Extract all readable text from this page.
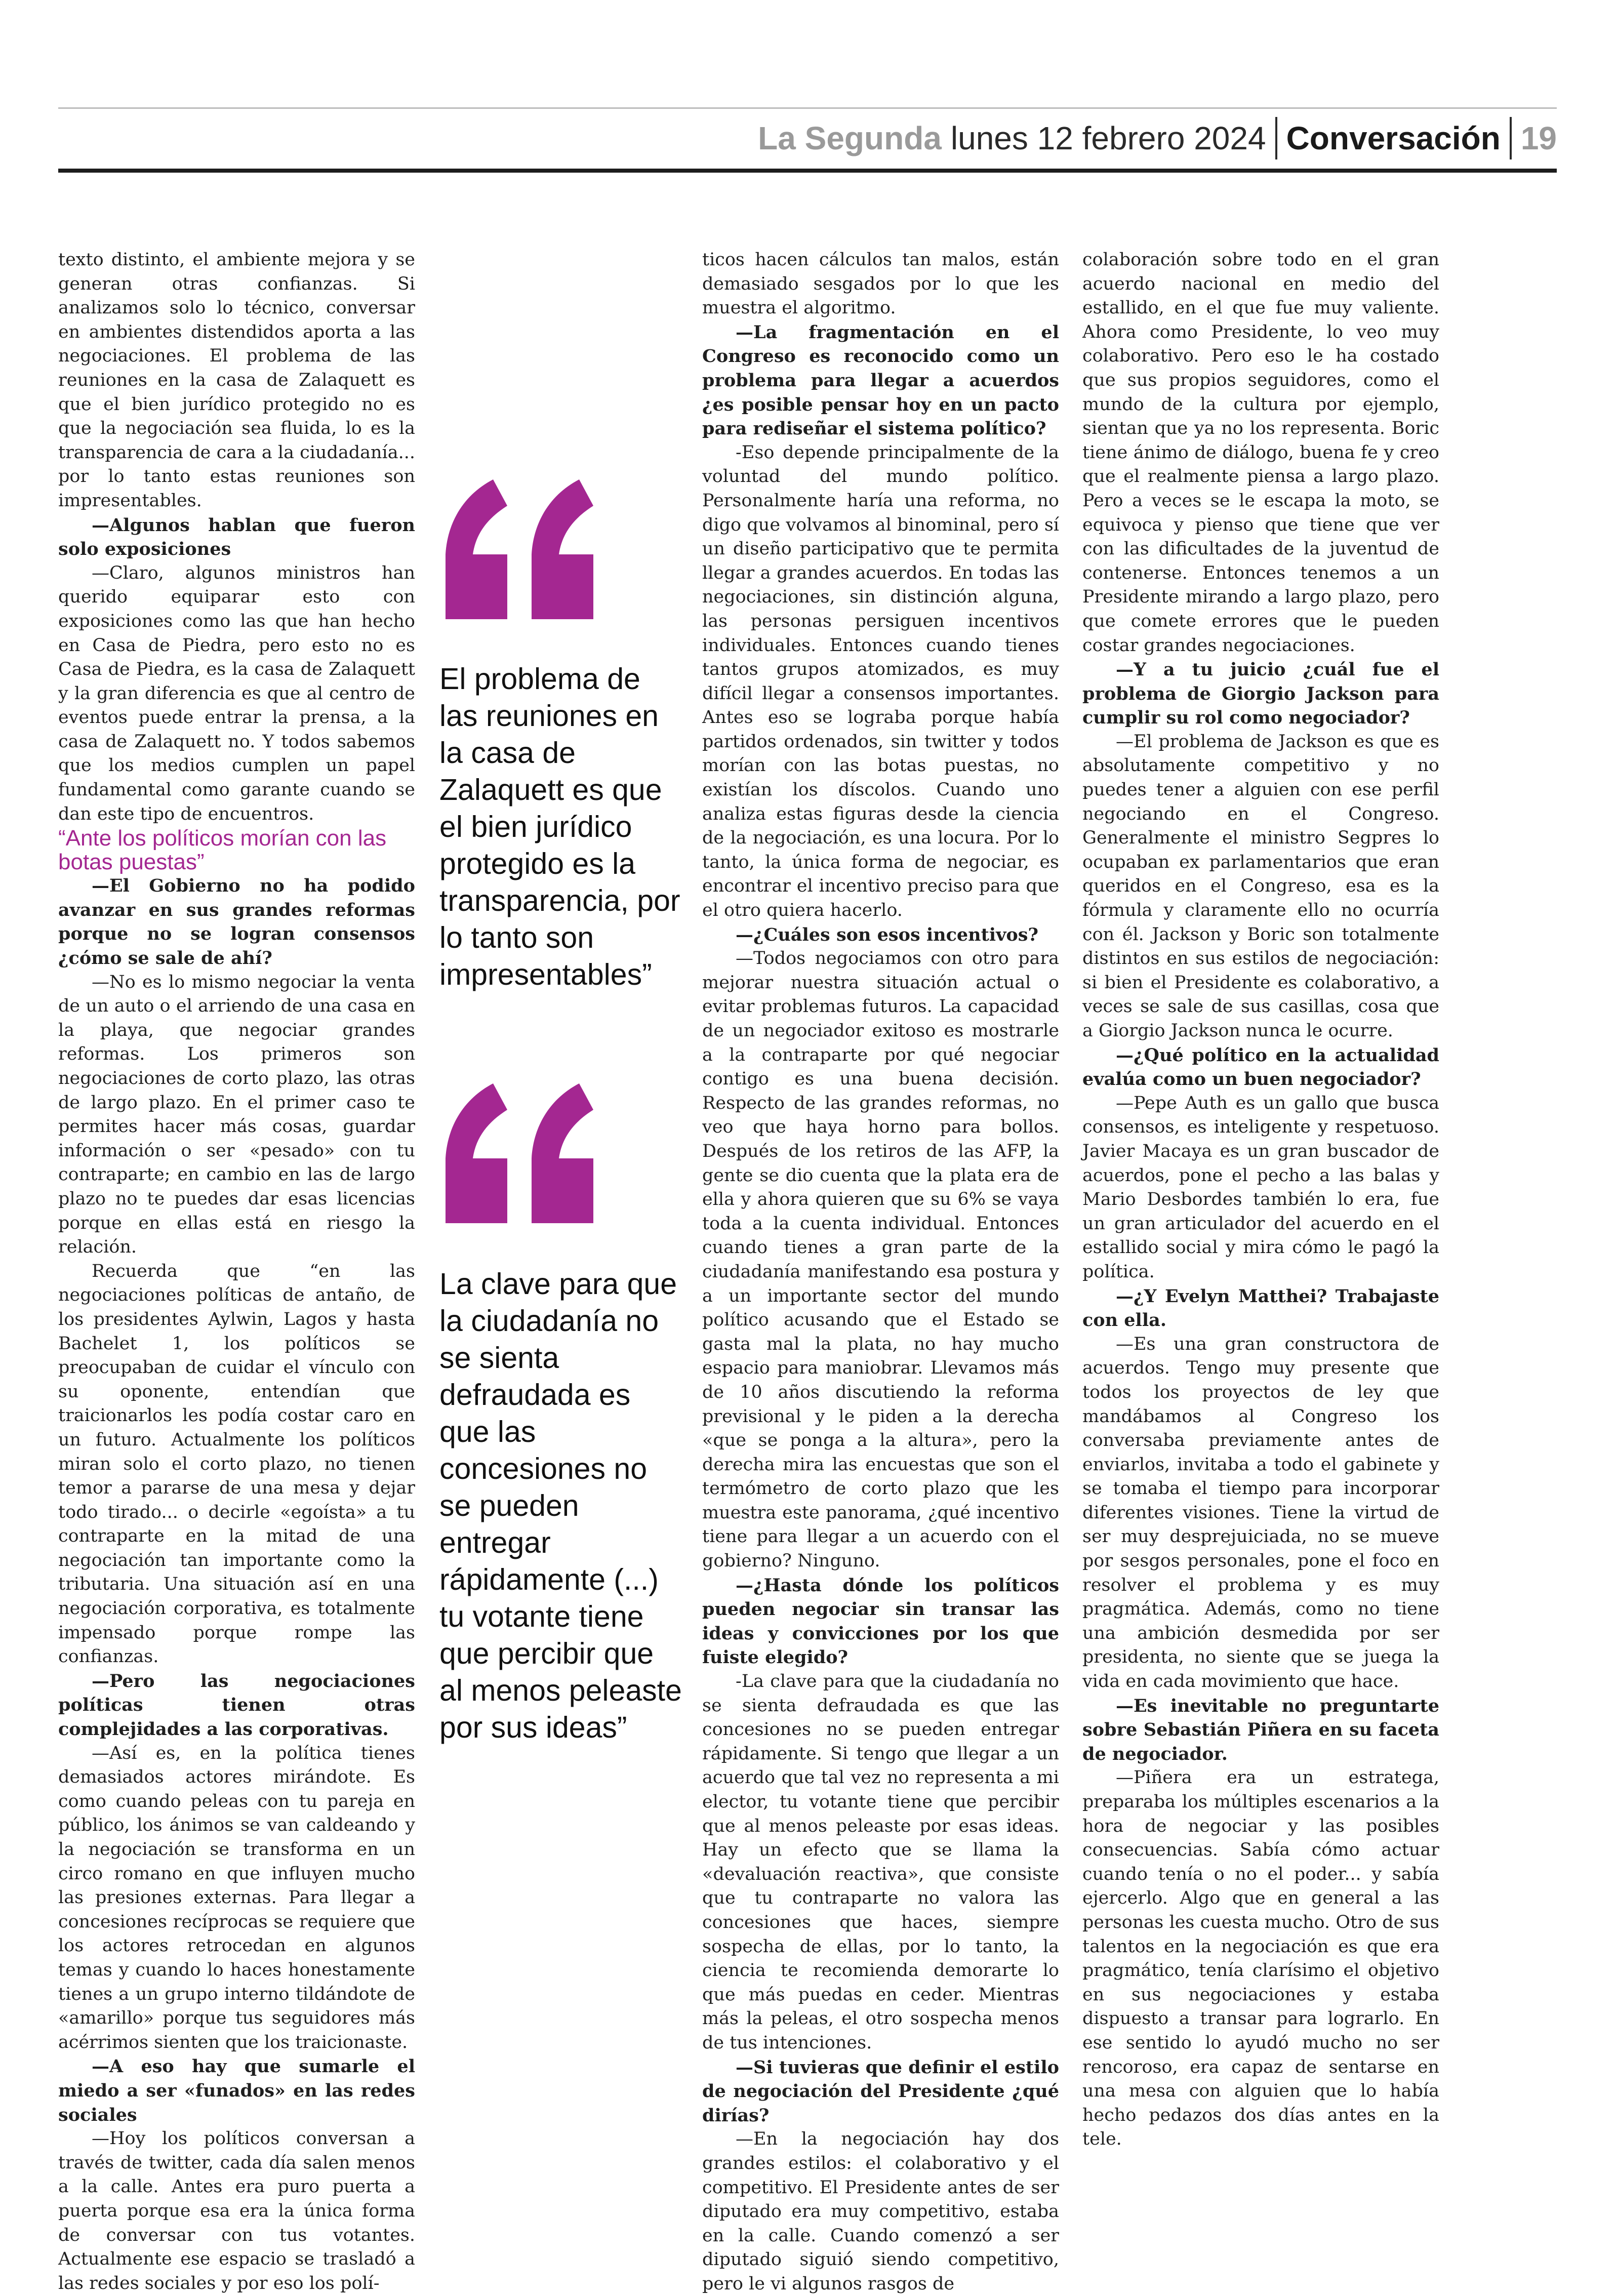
La Segunda lunes 12 febrero 2024 Conversación 19

texto distinto, el ambiente mejora y se generan otras confianzas. Si analizamos solo lo técnico, conversar en ambientes distendidos aporta a las negociaciones. El problema de las reuniones en la casa de Zalaquett es que el bien jurídico protegido no es que la negociación sea fluida, lo es la transparencia de cara a la ciudadanía... por lo tanto estas reuniones son impresentables.

—Algunos hablan que fueron solo exposiciones

—Claro, algunos ministros han querido equiparar esto con exposiciones como las que han hecho en Casa de Piedra, pero esto no es Casa de Piedra, es la casa de Zalaquett y la gran diferencia es que al centro de eventos puede entrar la prensa, a la casa de Zalaquett no. Y todos sabemos que los medios cumplen un papel fundamental como garante cuando se dan este tipo de encuentros.

“Ante los políticos morían con las botas puestas”

—El Gobierno no ha podido avanzar en sus grandes reformas porque no se logran consensos ¿cómo se sale de ahí?

—No es lo mismo negociar la venta de un auto o el arriendo de una casa en la playa, que negociar grandes reformas. Los primeros son negociaciones de corto plazo, las otras de largo plazo. En el primer caso te permites hacer más cosas, guardar información o ser «pesado» con tu contraparte; en cambio en las de largo plazo no te puedes dar esas licencias porque en ellas está en riesgo la relación.

Recuerda que “en las negociaciones políticas de antaño, de los presidentes Aylwin, Lagos y hasta Bachelet 1, los políticos se preocupaban de cuidar el vínculo con su oponente, entendían que traicionarlos les podía costar caro en un futuro. Actualmente los políticos miran solo el corto plazo, no tienen temor a pararse de una mesa y dejar todo tirado... o decirle «egoísta» a tu contraparte en la mitad de una negociación tan importante como la tributaria. Una situación así en una negociación corporativa, es totalmente impensado porque rompe las confianzas.

—Pero las negociaciones políticas tienen otras complejidades a las corporativas.

—Así es, en la política tienes demasiados actores mirándote. Es como cuando peleas con tu pareja en público, los ánimos se van caldeando y la negociación se transforma en un circo romano en que influyen mucho las presiones externas. Para llegar a concesiones recíprocas se requiere que los actores retrocedan en algunos temas y cuando lo haces honestamente tienes a un grupo interno tildándote de «amarillo» porque tus seguidores más acérrimos sienten que los traicionaste.

—A eso hay que sumarle el miedo a ser «funados» en las redes sociales

—Hoy los políticos conversan a través de twitter, cada día salen menos a la calle. Antes era puro puerta a puerta porque esa era la única forma de conversar con tus votantes. Actualmente ese espacio se trasladó a las redes sociales y por eso los polí-

El problema de las reuniones en la casa de Zalaquett es que el bien jurídico protegido es la transparencia, por lo tanto son impresentables”
La clave para que la ciudadanía no se sienta defraudada es que las concesiones no se pueden entregar rápidamente (...) tu votante tiene que percibir que al menos peleaste por sus ideas”

ticos hacen cálculos tan malos, están demasiado sesgados por lo que les muestra el algoritmo.

—La fragmentación en el Congreso es reconocido como un problema para llegar a acuerdos ¿es posible pensar hoy en un pacto para rediseñar el sistema político?

-Eso depende principalmente de la voluntad del mundo político. Personalmente haría una reforma, no digo que volvamos al binominal, pero sí un diseño participativo que te permita llegar a grandes acuerdos. En todas las negociaciones, sin distinción alguna, las personas persiguen incentivos individuales. Entonces cuando tienes tantos grupos atomizados, es muy difícil llegar a consensos importantes. Antes eso se lograba porque había partidos ordenados, sin twitter y todos morían con las botas puestas, no existían los díscolos. Cuando uno analiza estas figuras desde la ciencia de la negociación, es una locura. Por lo tanto, la única forma de negociar, es encontrar el incentivo preciso para que el otro quiera hacerlo.

—¿Cuáles son esos incentivos?

—Todos negociamos con otro para mejorar nuestra situación actual o evitar problemas futuros. La capacidad de un negociador exitoso es mostrarle a la contraparte por qué negociar contigo es una buena decisión. Respecto de las grandes reformas, no veo que haya horno para bollos. Después de los retiros de las AFP, la gente se dio cuenta que la plata era de ella y ahora quieren que su 6% se vaya toda a la cuenta individual. Entonces cuando tienes a gran parte de la ciudadanía manifestando esa postura y a un importante sector del mundo político acusando que el Estado se gasta mal la plata, no hay mucho espacio para maniobrar. Llevamos más de 10 años discutiendo la reforma previsional y le piden a la derecha «que se ponga a la altura», pero la derecha mira las encuestas que son el termómetro de corto plazo que les muestra este panorama, ¿qué incentivo tiene para llegar a un acuerdo con el gobierno? Ninguno.

—¿Hasta dónde los políticos pueden negociar sin transar las ideas y convicciones por los que fuiste elegido?

-La clave para que la ciudadanía no se sienta defraudada es que las concesiones no se pueden entregar rápidamente. Si tengo que llegar a un acuerdo que tal vez no representa a mi elector, tu votante tiene que percibir que al menos peleaste por esas ideas. Hay un efecto que se llama la «devaluación reactiva», que consiste que tu contraparte no valora las concesiones que haces, siempre sospecha de ellas, por lo tanto, la ciencia te recomienda demorarte lo que más puedas en ceder. Mientras más la peleas, el otro sospecha menos de tus intenciones.

—Si tuvieras que definir el estilo de negociación del Presidente ¿qué dirías?

—En la negociación hay dos grandes estilos: el colaborativo y el competitivo. El Presidente antes de ser diputado era muy competitivo, estaba en la calle. Cuando comenzó a ser diputado siguió siendo competitivo, pero le vi algunos rasgos de

colaboración sobre todo en el gran acuerdo nacional en medio del estallido, en el que fue muy valiente. Ahora como Presidente, lo veo muy colaborativo. Pero eso le ha costado que sus propios seguidores, como el mundo de la cultura por ejemplo, sientan que ya no los representa. Boric tiene ánimo de diálogo, buena fe y creo que el realmente piensa a largo plazo. Pero a veces se le escapa la moto, se equivoca y pienso que tiene que ver con las dificultades de la juventud de contenerse. Entonces tenemos a un Presidente mirando a largo plazo, pero que comete errores que le pueden costar grandes negociaciones.

—Y a tu juicio ¿cuál fue el problema de Giorgio Jackson para cumplir su rol como negociador?

—El problema de Jackson es que es absolutamente competitivo y no puedes tener a alguien con ese perfil negociando en el Congreso. Generalmente el ministro Segpres lo ocupaban ex parlamentarios que eran queridos en el Congreso, esa es la fórmula y claramente ello no ocurría con él. Jackson y Boric son totalmente distintos en sus estilos de negociación: si bien el Presidente es colaborativo, a veces se sale de sus casillas, cosa que a Giorgio Jackson nunca le ocurre.

—¿Qué político en la actualidad evalúa como un buen negociador?

—Pepe Auth es un gallo que busca consensos, es inteligente y respetuoso. Javier Macaya es un gran buscador de acuerdos, pone el pecho a las balas y Mario Desbordes también lo era, fue un gran articulador del acuerdo en el estallido social y mira cómo le pagó la política.

—¿Y Evelyn Matthei? Trabajaste con ella.

—Es una gran constructora de acuerdos. Tengo muy presente que todos los proyectos de ley que mandábamos al Congreso los conversaba previamente antes de enviarlos, invitaba a todo el gabinete y se tomaba el tiempo para incorporar diferentes visiones. Tiene la virtud de ser muy desprejuiciada, no se mueve por sesgos personales, pone el foco en resolver el problema y es muy pragmática. Además, como no tiene una ambición desmedida por ser presidenta, no siente que se juega la vida en cada movimiento que hace.

—Es inevitable no preguntarte sobre Sebastián Piñera en su faceta de negociador.

—Piñera era un estratega, preparaba los múltiples escenarios a la hora de negociar y las posibles consecuencias. Sabía cómo actuar cuando tenía o no el poder... y sabía ejercerlo. Algo que en general a las personas les cuesta mucho. Otro de sus talentos en la negociación es que era pragmático, tenía clarísimo el objetivo en sus negociaciones y estaba dispuesto a transar para lograrlo. En ese sentido lo ayudó mucho no ser rencoroso, era capaz de sentarse en una mesa con alguien que lo había hecho pedazos dos días antes en la tele.
